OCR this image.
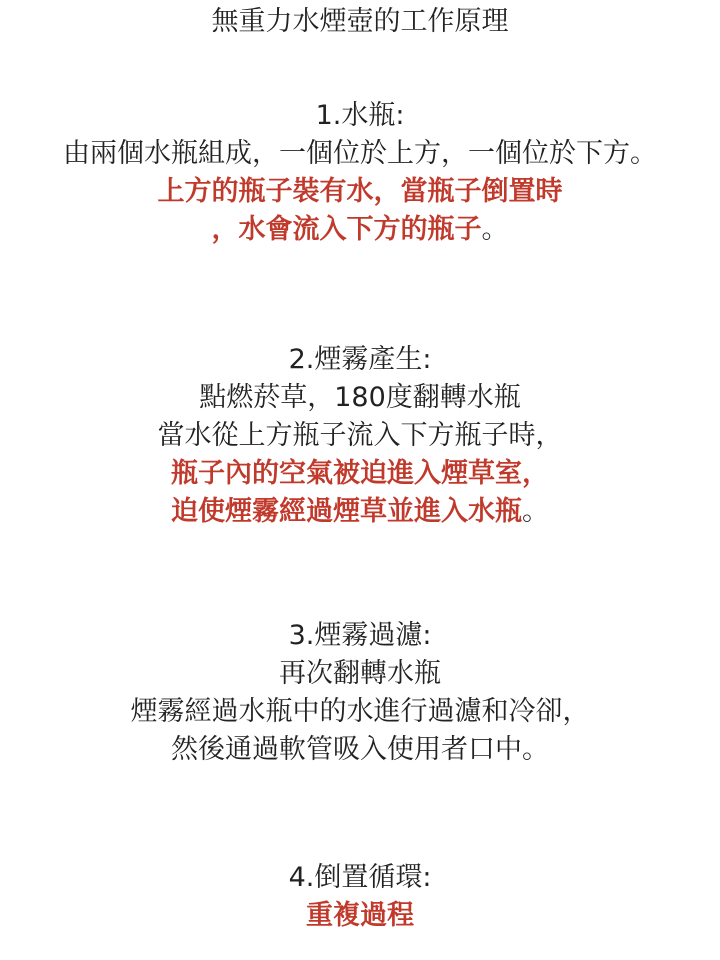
無重力水煙壺的工作原理
1.水瓶:
由兩個水瓶組成，一個位於上方，一個位於下方。
上方的瓶子裝有水，當瓶子倒置時
，水會流入下方的瓶子。
2.煙霧產生:
點燃菸草，180度翻轉水瓶
當水從上方瓶子流入下方瓶子時，
瓶子內的空氣被迫進入煙草室，
迫使煙霧經過煙草並進入水瓶。
3.煙霧過濾:
再次翻轉水瓶
煙霧經過水瓶中的水進行過濾和冷卻，
然後通過軟管吸入使用者口中。
4.倒置循環:
重複過程
